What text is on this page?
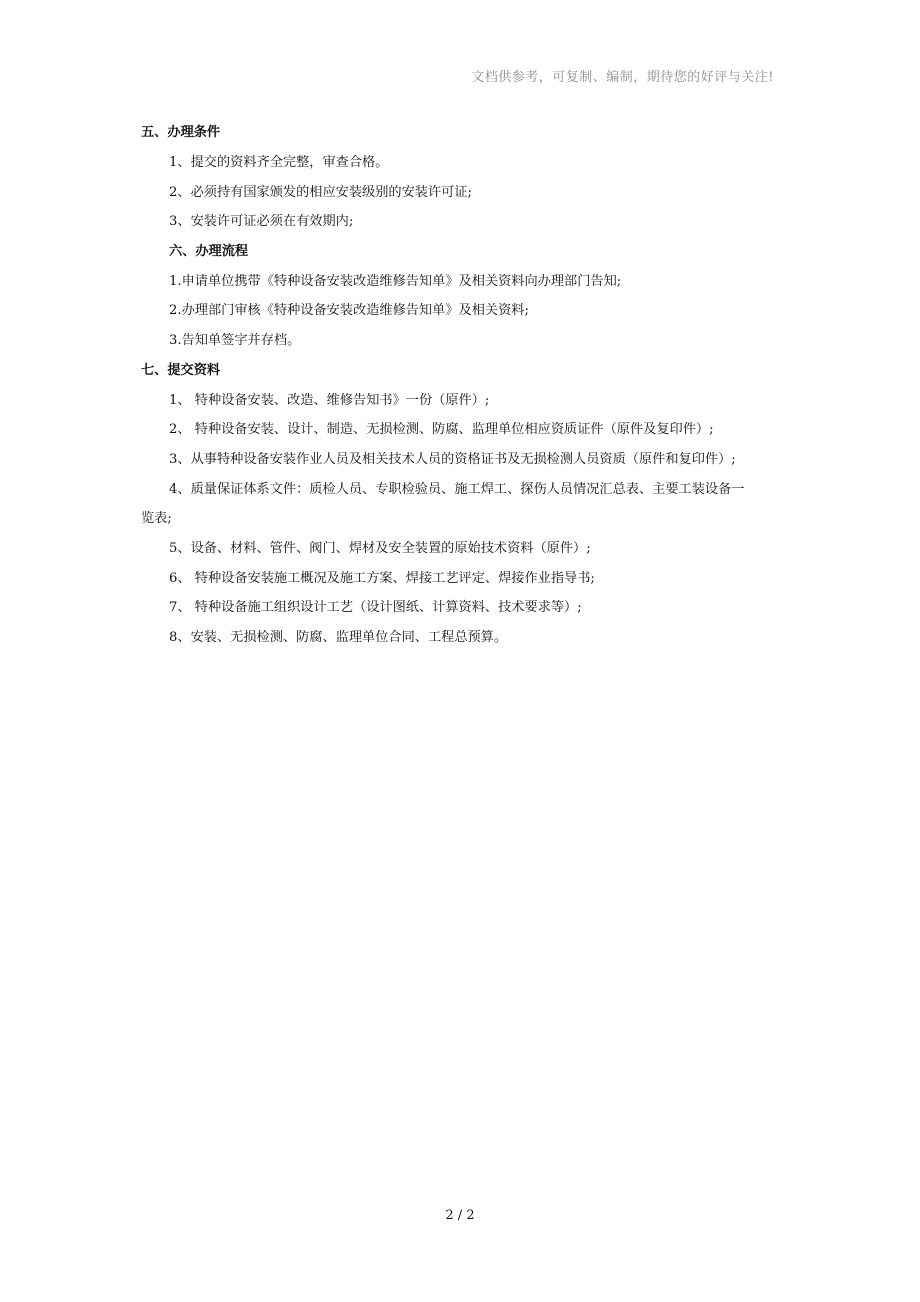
文档供参考，可复制、编制，期待您的好评与关注!
五、办理条件
1、提交的资料齐全完整，审查合格。
2、必须持有国家颁发的相应安装级别的安装许可证;
3、安装许可证必须在有效期内;
六、办理流程
1.申请单位携带《特种设备安装改造维修告知单》及相关资料向办理部门告知;
2.办理部门审核《特种设备安装改造维修告知单》及相关资料;
3.告知单签字并存档。
七、提交资料
1、 特种设备安装、改造、维修告知书》一份（原件）;
2、 特种设备安装、设计、制造、无损检测、防腐、监理单位相应资质证件（原件及复印件）;
3、从事特种设备安装作业人员及相关技术人员的资格证书及无损检测人员资质（原件和复印件）;
4、质量保证体系文件：质检人员、专职检验员、施工焊工、探伤人员情况汇总表、主要工装设备一
览表;
5、设备、材料、管件、阀门、焊材及安全装置的原始技术资料（原件）;
6、 特种设备安装施工概况及施工方案、焊接工艺评定、焊接作业指导书;
7、 特种设备施工组织设计工艺（设计图纸、计算资料、技术要求等）;
8、安装、无损检测、防腐、监理单位合同、工程总预算。
2 / 2
